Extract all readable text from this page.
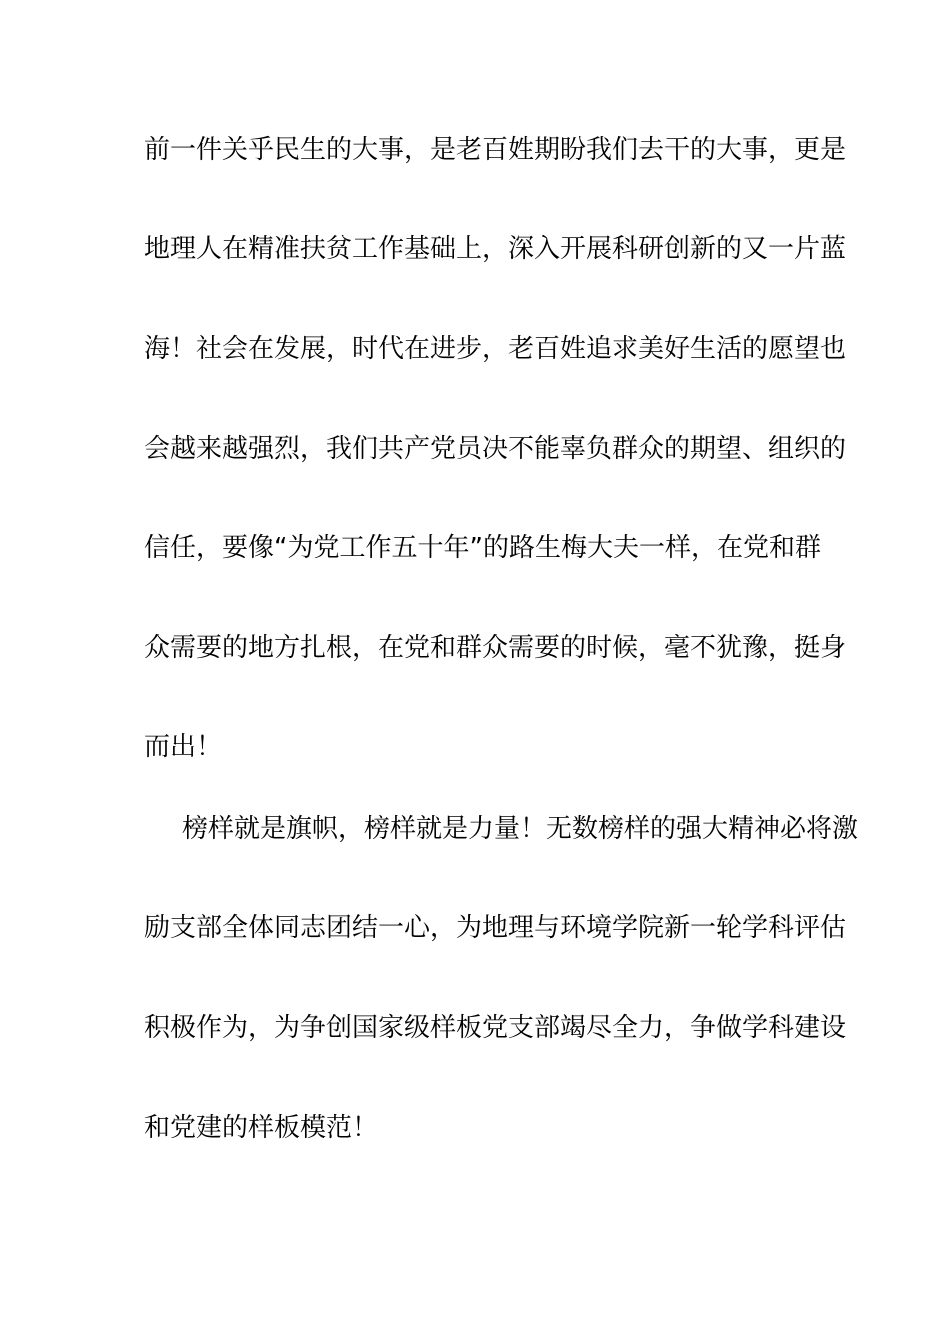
前一件关乎民生的大事，是老百姓期盼我们去干的大事，更是
地理人在精准扶贫工作基础上，深入开展科研创新的又一片蓝
海！社会在发展，时代在进步，老百姓追求美好生活的愿望也
会越来越强烈，我们共产党员决不能辜负群众的期望、组织的
信任，要像“为党工作五十年”的路生梅大夫一样，在党和群
众需要的地方扎根，在党和群众需要的时候，毫不犹豫，挺身
而出！
榜样就是旗帜，榜样就是力量！无数榜样的强大精神必将激
励支部全体同志团结一心，为地理与环境学院新一轮学科评估
积极作为，为争创国家级样板党支部竭尽全力，争做学科建设
和党建的样板模范！
